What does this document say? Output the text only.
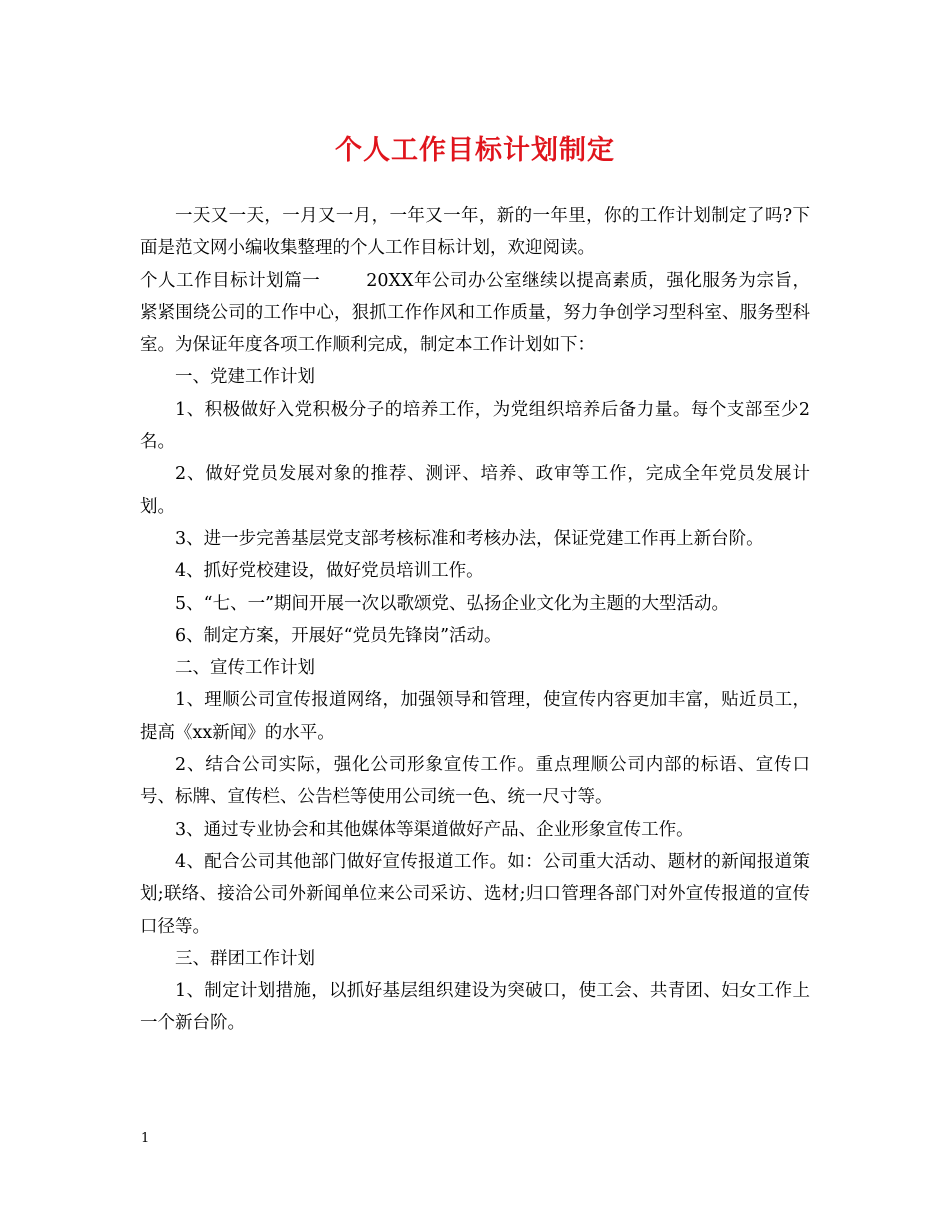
个人工作目标计划制定

一天又一天，一月又一月，一年又一年，新的一年里，你的工作计划制定了吗?下面是范文网小编收集整理的个人工作目标计划，欢迎阅读。

个人工作目标计划篇一	20XX年公司办公室继续以提高素质，强化服务为宗旨，紧紧围绕公司的工作中心，狠抓工作作风和工作质量，努力争创学习型科室、服务型科室。为保证年度各项工作顺利完成，制定本工作计划如下：

一、党建工作计划

1、积极做好入党积极分子的培养工作，为党组织培养后备力量。每个支部至少2名。

2、做好党员发展对象的推荐、测评、培养、政审等工作，完成全年党员发展计划。

3、进一步完善基层党支部考核标准和考核办法，保证党建工作再上新台阶。

4、抓好党校建设，做好党员培训工作。

5、“七、一”期间开展一次以歌颂党、弘扬企业文化为主题的大型活动。

6、制定方案，开展好“党员先锋岗”活动。

二、宣传工作计划

1、理顺公司宣传报道网络，加强领导和管理，使宣传内容更加丰富，贴近员工，提高《xx新闻》的水平。

2、结合公司实际，强化公司形象宣传工作。重点理顺公司内部的标语、宣传口号、标牌、宣传栏、公告栏等使用公司统一色、统一尺寸等。

3、通过专业协会和其他媒体等渠道做好产品、企业形象宣传工作。

4、配合公司其他部门做好宣传报道工作。如：公司重大活动、题材的新闻报道策划;联络、接洽公司外新闻单位来公司采访、选材;归口管理各部门对外宣传报道的宣传口径等。

三、群团工作计划

1、制定计划措施，以抓好基层组织建设为突破口，使工会、共青团、妇女工作上一个新台阶。

1
